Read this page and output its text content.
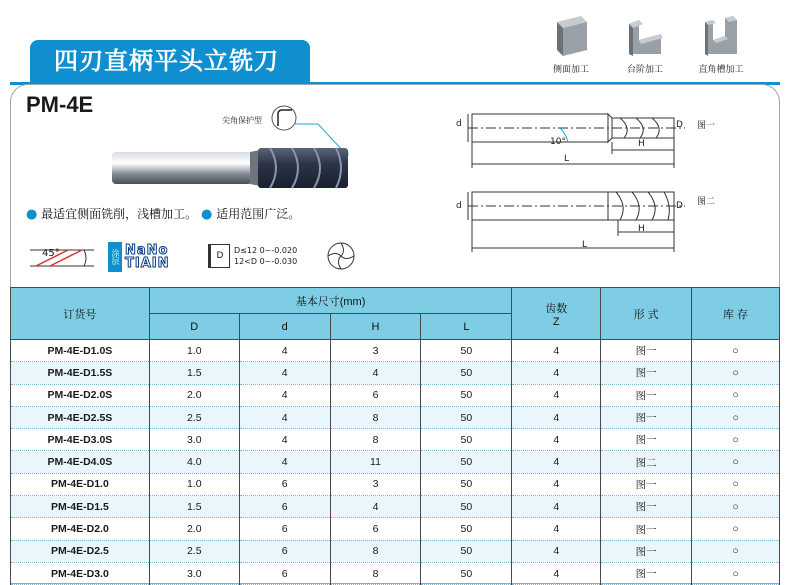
四刃直柄平头立铣刀	侧面加工	台阶加工	直角槽加工
PM-4E
尖角保护型
● 最适宜侧面铣削，浅槽加工。 ● 适用范围广泛。
45°	涂层 NaNo
TIAIN	D
D≤12 0~-0.020
12<D 0~-0.030
d	D
10°	H
L
图一
d	D
H
L
图二
订货号	基本尺寸(mm)				齿数
Z	形 式	库 存
	D	d	H	L			
PM-4E-D1.0S	1.0	4	3	50	4	图一	○
PM-4E-D1.5S	1.5	4	4	50	4	图一	○
PM-4E-D2.0S	2.0	4	6	50	4	图一	○
PM-4E-D2.5S	2.5	4	8	50	4	图一	○
PM-4E-D3.0S	3.0	4	8	50	4	图一	○
PM-4E-D4.0S	4.0	4	11	50	4	图二	○
PM-4E-D1.0	1.0	6	3	50	4	图一	○
PM-4E-D1.5	1.5	6	4	50	4	图一	○
PM-4E-D2.0	2.0	6	6	50	4	图一	○
PM-4E-D2.5	2.5	6	8	50	4	图一	○
PM-4E-D3.0	3.0	6	8	50	4	图一	○
